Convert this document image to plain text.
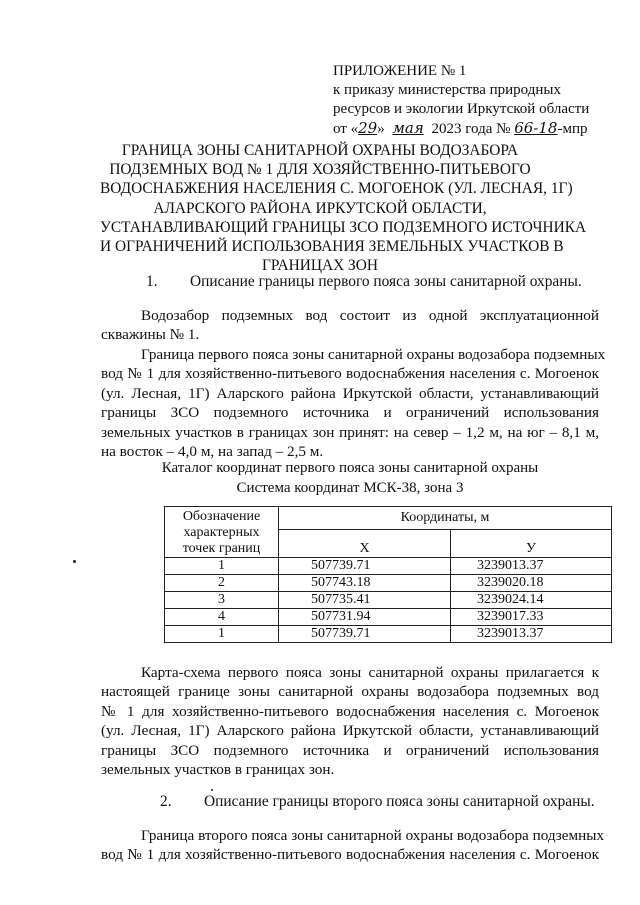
ПРИЛОЖЕНИЕ № 1
к приказу министерства природных
ресурсов и экологии Иркутской области
от «29» мая 2023 года № 66-18-мпр
ГРАНИЦА ЗОНЫ САНИТАРНОЙ ОХРАНЫ ВОДОЗАБОРА
ПОДЗЕМНЫХ ВОД № 1 ДЛЯ ХОЗЯЙСТВЕННО-ПИТЬЕВОГО
ВОДОСНАБЖЕНИЯ НАСЕЛЕНИЯ С. МОГОЕНОК (УЛ. ЛЕСНАЯ, 1Г)
АЛАРСКОГО РАЙОНА ИРКУТСКОЙ ОБЛАСТИ,
УСТАНАВЛИВАЮЩИЙ ГРАНИЦЫ ЗСО ПОДЗЕМНОГО ИСТОЧНИКА
И ОГРАНИЧЕНИЙ ИСПОЛЬЗОВАНИЯ ЗЕМЕЛЬНЫХ УЧАСТКОВ В
ГРАНИЦАХ ЗОН
1. Описание границы первого пояса зоны санитарной охраны.
Водозабор подземных вод состоит из одной эксплуатационной
скважины № 1.
Граница первого пояса зоны санитарной охраны водозабора подземных
вод № 1 для хозяйственно-питьевого водоснабжения населения с. Могоенок
(ул. Лесная, 1Г) Аларского района Иркутской области, устанавливающий
границы ЗСО подземного источника и ограничений использования
земельных участков в границах зон принят: на север – 1,2 м, на юг – 8,1 м,
на восток – 4,0 м, на запад – 2,5 м.
Каталог координат первого пояса зоны санитарной охраны
Система координат МСК-38, зона 3
Обозначение характерных точек границ	Координаты, м	
	X	У
1	507739.71	3239013.37
2	507743.18	3239020.18
3	507735.41	3239024.14
4	507731.94	3239017.33
1	507739.71	3239013.37
Карта-схема первого пояса зоны санитарной охраны прилагается к
настоящей границе зоны санитарной охраны водозабора подземных вод
№ 1 для хозяйственно-питьевого водоснабжения населения с. Могоенок
(ул. Лесная, 1Г) Аларского района Иркутской области, устанавливающий
границы ЗСО подземного источника и ограничений использования
земельных участков в границах зон.
2. Описание границы второго пояса зоны санитарной охраны.
Граница второго пояса зоны санитарной охраны водозабора подземных
вод № 1 для хозяйственно-питьевого водоснабжения населения с. Могоенок
